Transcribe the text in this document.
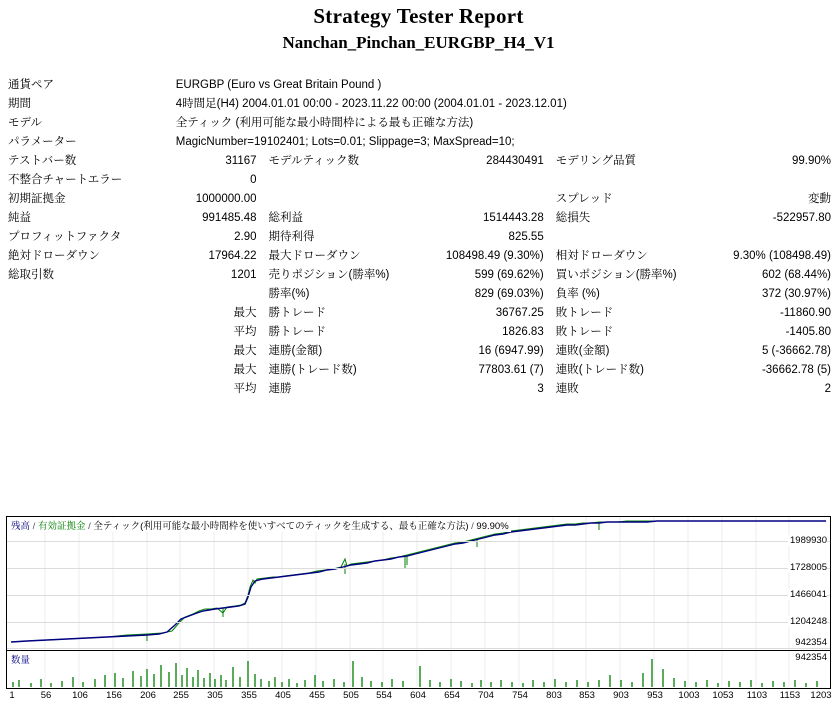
Strategy Tester Report
Nanchan_Pinchan_EURGBP_H4_V1
通貨ペア	EURGBP (Euro vs Great Britain Pound )				
期間	4時間足(H4) 2004.01.01 00:00 - 2023.11.22 00:00 (2004.01.01 - 2023.12.01)				
モデル	全ティック (利用可能な最小時間枠による最も正確な方法)				
パラメーター	MagicNumber=19102401; Lots=0.01; Slippage=3; MaxSpread=10;				
テストバー数	31167	モデルティック数	284430491	モデリング品質	99.90%
不整合チャートエラー	0				
初期証拠金	1000000.00			スプレッド	変動
純益	991485.48	総利益	1514443.28	総損失	-522957.80
プロフィットファクタ	2.90	期待利得	825.55		
絶対ドローダウン	17964.22	最大ドローダウン	108498.49 (9.30%)	相対ドローダウン	9.30% (108498.49)
総取引数	1201	売りポジション(勝率%)	599 (69.62%)	買いポジション(勝率%)	602 (68.44%)
		勝率(%)	829 (69.03%)	負率 (%)	372 (30.97%)
	最大	勝トレード	36767.25	敗トレード	-11860.90
	平均	勝トレード	1826.83	敗トレード	-1405.80
	最大	連勝(金額)	16 (6947.99)	連敗(金額)	5 (-36662.78)
	最大	連勝(トレード数)	77803.61 (7)	連敗(トレード数)	-36662.78 (5)
	平均	連勝	3	連敗	2
残高 / 有効証拠金 / 全ティック(利用可能な最小時間枠を使いすべてのティックを生成する、最も正確な方法) / 99.90%
1989930
1728005
1466041
1204248
942354
数量	942354
1	56 106 156 206 255 305 355 405 455 505 554 604 654 704 754 803 853 903 953 1003 1053 1103 1153 1203
